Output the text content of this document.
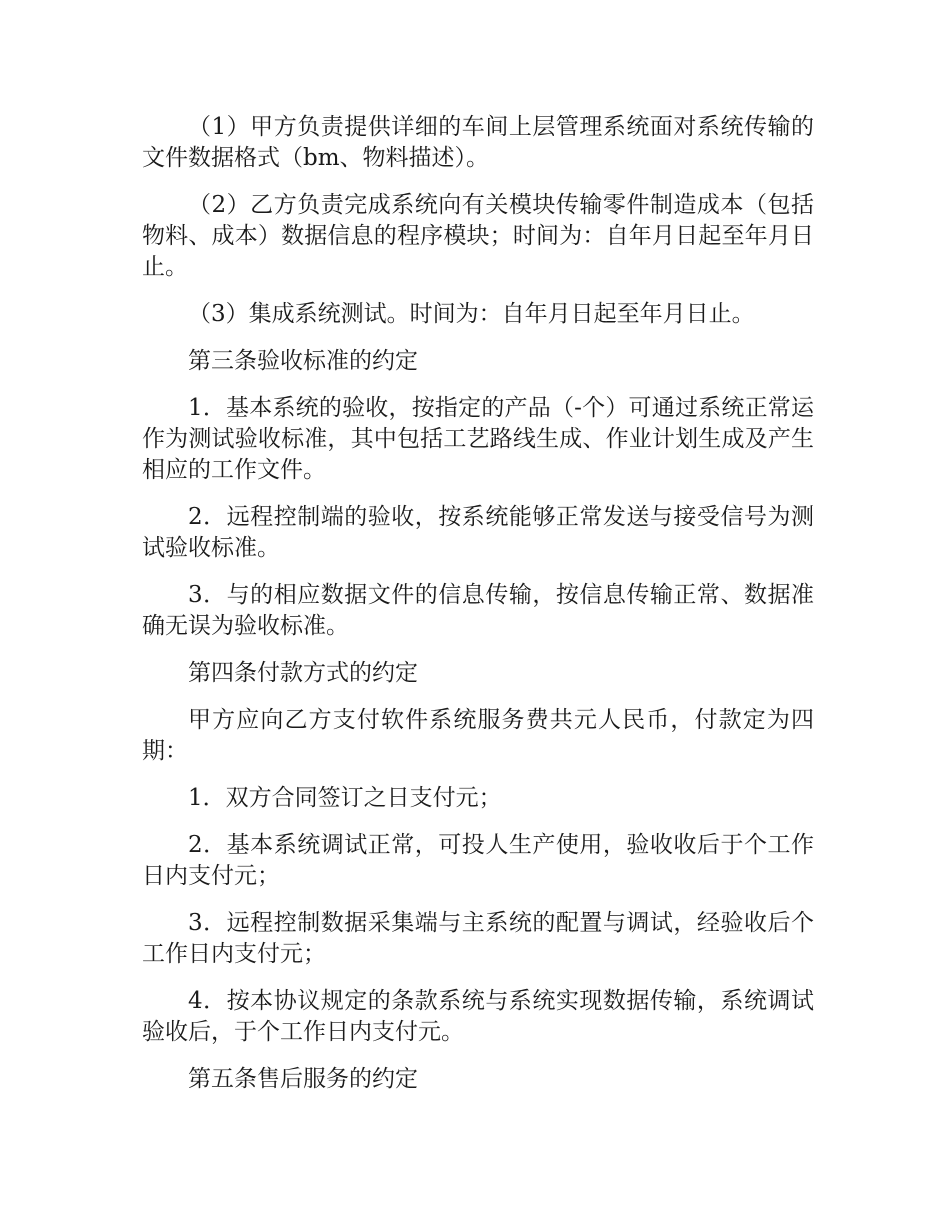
（1）甲方负责提供详细的车间上层管理系统面对系统传输的文件数据格式（bm、物料描述）。

（2）乙方负责完成系统向有关模块传输零件制造成本（包括物料、成本）数据信息的程序模块；时间为：自年月日起至年月日止。

（3）集成系统测试。时间为：自年月日起至年月日止。

第三条验收标准的约定

1．基本系统的验收，按指定的产品（-个）可通过系统正常运作为测试验收标准，其中包括工艺路线生成、作业计划生成及产生相应的工作文件。

2．远程控制端的验收，按系统能够正常发送与接受信号为测试验收标准。

3．与的相应数据文件的信息传输，按信息传输正常、数据准确无误为验收标准。

第四条付款方式的约定

甲方应向乙方支付软件系统服务费共元人民币，付款定为四期：

1．双方合同签订之日支付元；

2．基本系统调试正常，可投人生产使用，验收收后于个工作日内支付元；

3．远程控制数据采集端与主系统的配置与调试，经验收后个工作日内支付元；

4．按本协议规定的条款系统与系统实现数据传输，系统调试验收后，于个工作日内支付元。

第五条售后服务的约定
